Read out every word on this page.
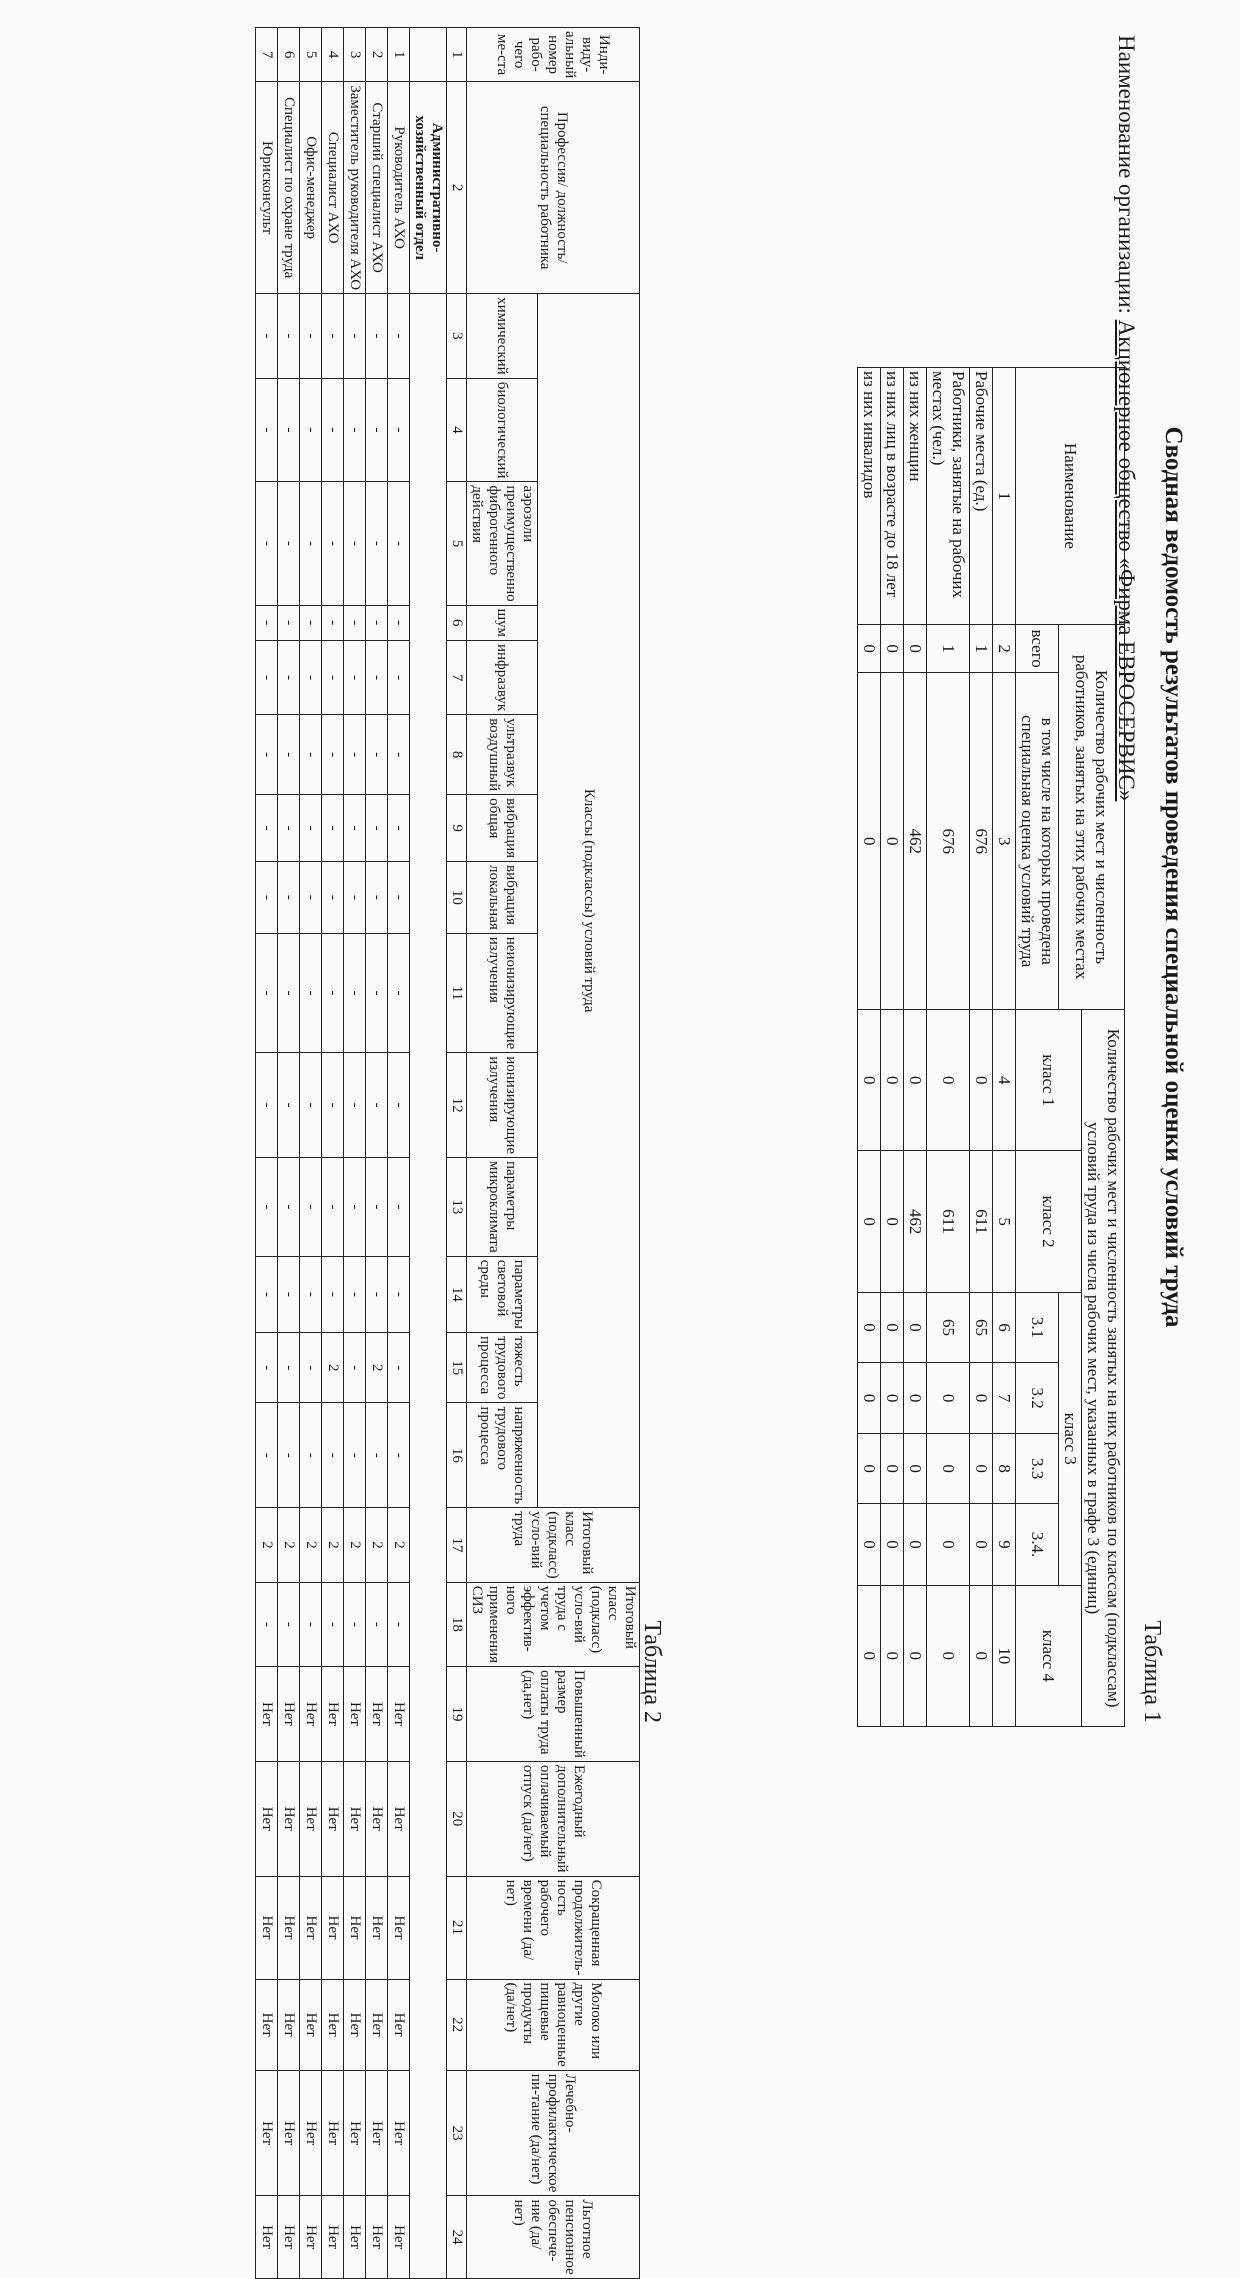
Сводная ведомость результатов проведения специальной оценки условий труда
Наименование организации: Акционерное общество «Фирма ЕВРОСЕРВИС»
Таблица 1
Наименование	Количество рабочих мест и численность работников, занятых на этих рабочих местах		Количество рабочих мест и численность занятых на них работников по классам (подклассам) условий труда из числа рабочих мест, указанных в графе 3 (единиц)						
			класс 1	класс 2	класс 3				класс 4
	всего	в том числе на которых проведена специальная оценка условий труда			3.1	3.2	3.3	3.4.	
1	2	3	4	5	6	7	8	9	10
Рабочие места (ед.)	1	676	0	611	65	0	0	0	0
Работники, занятые на рабочих местах (чел.)	1	676	0	611	65	0	0	0	0
из них женщин	0	462	0	462	0	0	0	0	0
из них лиц в возрасте до 18 лет	0	0	0	0	0	0	0	0	0
из них инвалидов	0	0	0	0	0	0	0	0	0
Таблица 2
Инди-виду-альный номер рабо-чего ме-ста	Профессия/ должность/ специальность работника	Классы (подклассы) условий труда														Итоговый класс (подкласс) усло-вий труда	Итоговый класс (подкласс) усло-вий труда с учетом эффектив-ного применения СИЗ	Повышенный размер оплаты труда (да,нет)	Ежегодный дополнительный оплачиваемый отпуск (да/нет)	Сокращенная продолжитель-ность рабочего времени (да/нет)	Молоко или другие равноценные пищевые продукты (да/нет)	Лечебно-профилактическое пи-тание (да/нет)	Льготное пенсионное обеспече-ние (да/нет)
		химический	биологический	аэрозоли преимущественно фиброгенного действия	шум	инфразвук	ультразвук воздушный	вибрация общая	вибрация локальная	неионизирующие излучения	ионизирующие излучения	параметры микроклимата	параметры световой среды	тяжесть трудового процесса	напряженность трудового процесса								
1	2	3	4	5	6	7	8	9	10	11	12	13	14	15	16	17	18	19	20	21	22	23	24
	Административно-хозяйственный отдел																						
1	Руководитель АХО	-	-	-	-	-	-	-	-	-	-	-	-	-	-	2	-	Нет	Нет	Нет	Нет	Нет	Нет
2	Старший специалист АХО	-	-	-	-	-	-	-	-	-	-	-	-	2	-	2	-	Нет	Нет	Нет	Нет	Нет	Нет
3	Заместитель руководителя АХО	-	-	-	-	-	-	-	-	-	-	-	-	-	-	2	-	Нет	Нет	Нет	Нет	Нет	Нет
4	Специалист АХО	-	-	-	-	-	-	-	-	-	-	-	-	2	-	2	-	Нет	Нет	Нет	Нет	Нет	Нет
5	Офис-менеджер	-	-	-	-	-	-	-	-	-	-	-	-	-	-	2	-	Нет	Нет	Нет	Нет	Нет	Нет
6	Специалист по охране труда	-	-	-	-	-	-	-	-	-	-	-	-	-	-	2	-	Нет	Нет	Нет	Нет	Нет	Нет
7	Юрисконсульт	-	-	-	-	-	-	-	-	-	-	-	-	-	-	2	-	Нет	Нет	Нет	Нет	Нет	Нет
